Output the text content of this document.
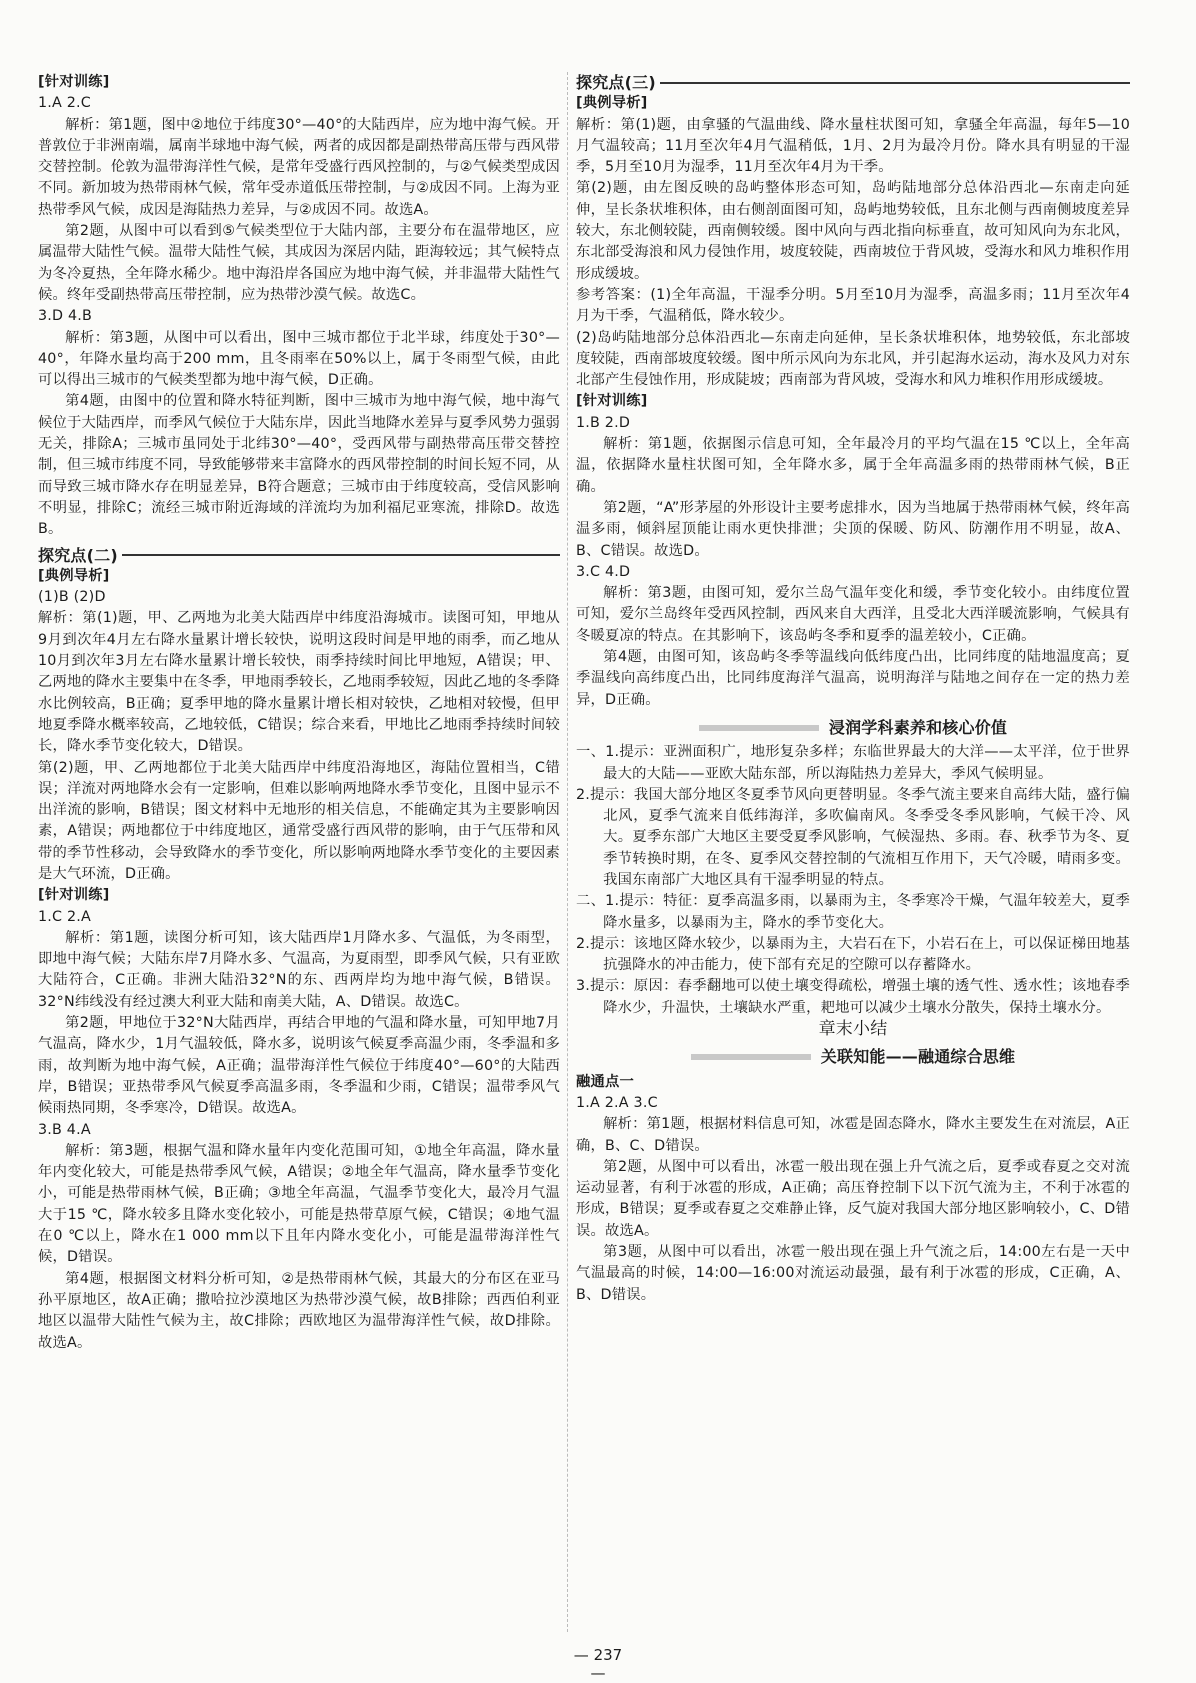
[针对训练]

1.A 2.C

解析：第1题，图中②地位于纬度30°—40°的大陆西岸，应为地中海气候。开普敦位于非洲南端，属南半球地中海气候，两者的成因都是副热带高压带与西风带交替控制。伦敦为温带海洋性气候，是常年受盛行西风控制的，与②气候类型成因不同。新加坡为热带雨林气候，常年受赤道低压带控制，与②成因不同。上海为亚热带季风气候，成因是海陆热力差异，与②成因不同。故选A。

第2题，从图中可以看到⑤气候类型位于大陆内部，主要分布在温带地区，应属温带大陆性气候。温带大陆性气候，其成因为深居内陆，距海较远；其气候特点为冬冷夏热，全年降水稀少。地中海沿岸各国应为地中海气候，并非温带大陆性气候。终年受副热带高压带控制，应为热带沙漠气候。故选C。

3.D 4.B

解析：第3题，从图中可以看出，图中三城市都位于北半球，纬度处于30°—40°，年降水量均高于200 mm，且冬雨率在50%以上，属于冬雨型气候，由此可以得出三城市的气候类型都为地中海气候，D正确。

第4题，由图中的位置和降水特征判断，图中三城市为地中海气候，地中海气候位于大陆西岸，而季风气候位于大陆东岸，因此当地降水差异与夏季风势力强弱无关，排除A；三城市虽同处于北纬30°—40°，受西风带与副热带高压带交替控制，但三城市纬度不同，导致能够带来丰富降水的西风带控制的时间长短不同，从而导致三城市降水存在明显差异，B符合题意；三城市由于纬度较高，受信风影响不明显，排除C；流经三城市附近海域的洋流均为加利福尼亚寒流，排除D。故选B。

探究点(二)

[典例导析]

(1)B (2)D

解析：第(1)题，甲、乙两地为北美大陆西岸中纬度沿海城市。读图可知，甲地从9月到次年4月左右降水量累计增长较快，说明这段时间是甲地的雨季，而乙地从10月到次年3月左右降水量累计增长较快，雨季持续时间比甲地短，A错误；甲、乙两地的降水主要集中在冬季，甲地雨季较长，乙地雨季较短，因此乙地的冬季降水比例较高，B正确；夏季甲地的降水量累计增长相对较快，乙地相对较慢，但甲地夏季降水概率较高，乙地较低，C错误；综合来看，甲地比乙地雨季持续时间较长，降水季节变化较大，D错误。

第(2)题，甲、乙两地都位于北美大陆西岸中纬度沿海地区，海陆位置相当，C错误；洋流对两地降水会有一定影响，但难以影响两地降水季节变化，且图中显示不出洋流的影响，B错误；图文材料中无地形的相关信息，不能确定其为主要影响因素，A错误；两地都位于中纬度地区，通常受盛行西风带的影响，由于气压带和风带的季节性移动，会导致降水的季节变化，所以影响两地降水季节变化的主要因素是大气环流，D正确。

[针对训练]

1.C 2.A

解析：第1题，读图分析可知，该大陆西岸1月降水多、气温低，为冬雨型，即地中海气候；大陆东岸7月降水多、气温高，为夏雨型，即季风气候，只有亚欧大陆符合，C正确。非洲大陆沿32°N的东、西两岸均为地中海气候，B错误。32°N纬线没有经过澳大利亚大陆和南美大陆，A、D错误。故选C。

第2题，甲地位于32°N大陆西岸，再结合甲地的气温和降水量，可知甲地7月气温高，降水少，1月气温较低，降水多，说明该气候夏季高温少雨，冬季温和多雨，故判断为地中海气候，A正确；温带海洋性气候位于纬度40°—60°的大陆西岸，B错误；亚热带季风气候夏季高温多雨，冬季温和少雨，C错误；温带季风气候雨热同期，冬季寒冷，D错误。故选A。

3.B 4.A

解析：第3题，根据气温和降水量年内变化范围可知，①地全年高温，降水量年内变化较大，可能是热带季风气候，A错误；②地全年气温高，降水量季节变化小，可能是热带雨林气候，B正确；③地全年高温，气温季节变化大，最冷月气温大于15 ℃，降水较多且降水变化较小，可能是热带草原气候，C错误；④地气温在0 ℃以上，降水在1 000 mm以下且年内降水变化小，可能是温带海洋性气候，D错误。

第4题，根据图文材料分析可知，②是热带雨林气候，其最大的分布区在亚马孙平原地区，故A正确；撒哈拉沙漠地区为热带沙漠气候，故B排除；西西伯利亚地区以温带大陆性气候为主，故C排除；西欧地区为温带海洋性气候，故D排除。故选A。

探究点(三)

[典例导析]

解析：第(1)题，由拿骚的气温曲线、降水量柱状图可知，拿骚全年高温，每年5—10月气温较高；11月至次年4月气温稍低，1月、2月为最冷月份。降水具有明显的干湿季，5月至10月为湿季，11月至次年4月为干季。

第(2)题，由左图反映的岛屿整体形态可知，岛屿陆地部分总体沿西北—东南走向延伸，呈长条状堆积体，由右侧剖面图可知，岛屿地势较低，且东北侧与西南侧坡度差异较大，东北侧较陡，西南侧较缓。图中风向与西北指向标垂直，故可知风向为东北风，东北部受海浪和风力侵蚀作用，坡度较陡，西南坡位于背风坡，受海水和风力堆积作用形成缓坡。

参考答案：(1)全年高温，干湿季分明。5月至10月为湿季，高温多雨；11月至次年4月为干季，气温稍低，降水较少。

(2)岛屿陆地部分总体沿西北—东南走向延伸，呈长条状堆积体，地势较低，东北部坡度较陡，西南部坡度较缓。图中所示风向为东北风，并引起海水运动，海水及风力对东北部产生侵蚀作用，形成陡坡；西南部为背风坡，受海水和风力堆积作用形成缓坡。

[针对训练]

1.B 2.D

解析：第1题，依据图示信息可知，全年最冷月的平均气温在15 ℃以上，全年高温，依据降水量柱状图可知，全年降水多，属于全年高温多雨的热带雨林气候，B正确。

第2题，“A”形茅屋的外形设计主要考虑排水，因为当地属于热带雨林气候，终年高温多雨，倾斜屋顶能让雨水更快排泄；尖顶的保暖、防风、防潮作用不明显，故A、B、C错误。故选D。

3.C 4.D

解析：第3题，由图可知，爱尔兰岛气温年变化和缓，季节变化较小。由纬度位置可知，爱尔兰岛终年受西风控制，西风来自大西洋，且受北大西洋暖流影响，气候具有冬暖夏凉的特点。在其影响下，该岛屿冬季和夏季的温差较小，C正确。

第4题，由图可知，该岛屿冬季等温线向低纬度凸出，比同纬度的陆地温度高；夏季温线向高纬度凸出，比同纬度海洋气温高，说明海洋与陆地之间存在一定的热力差异，D正确。

浸润学科素养和核心价值

一、1.提示：亚洲面积广，地形复杂多样；东临世界最大的大洋——太平洋，位于世界最大的大陆——亚欧大陆东部，所以海陆热力差异大，季风气候明显。

2.提示：我国大部分地区冬夏季节风向更替明显。冬季气流主要来自高纬大陆，盛行偏北风，夏季气流来自低纬海洋，多吹偏南风。冬季受冬季风影响，气候干冷、风大。夏季东部广大地区主要受夏季风影响，气候湿热、多雨。春、秋季节为冬、夏季节转换时期，在冬、夏季风交替控制的气流相互作用下，天气冷暖，晴雨多变。我国东南部广大地区具有干湿季明显的特点。

二、1.提示：特征：夏季高温多雨，以暴雨为主，冬季寒冷干燥，气温年较差大，夏季降水量多，以暴雨为主，降水的季节变化大。

2.提示：该地区降水较少，以暴雨为主，大岩石在下，小岩石在上，可以保证梯田地基抗强降水的冲击能力，使下部有充足的空隙可以存蓄降水。

3.提示：原因：春季翻地可以使土壤变得疏松，增强土壤的透气性、透水性；该地春季降水少，升温快，土壤缺水严重，耙地可以减少土壤水分散失，保持土壤水分。

章末小结

关联知能——融通综合思维

融通点一

1.A 2.A 3.C

解析：第1题，根据材料信息可知，冰雹是固态降水，降水主要发生在对流层，A正确，B、C、D错误。

第2题，从图中可以看出，冰雹一般出现在强上升气流之后，夏季或春夏之交对流运动显著，有利于冰雹的形成，A正确；高压脊控制下以下沉气流为主，不利于冰雹的形成，B错误；夏季或春夏之交难静止锋，反气旋对我国大部分地区影响较小，C、D错误。故选A。

第3题，从图中可以看出，冰雹一般出现在强上升气流之后，14:00左右是一天中气温最高的时候，14:00—16:00对流运动最强，最有利于冰雹的形成，C正确，A、B、D错误。

— 237 —
